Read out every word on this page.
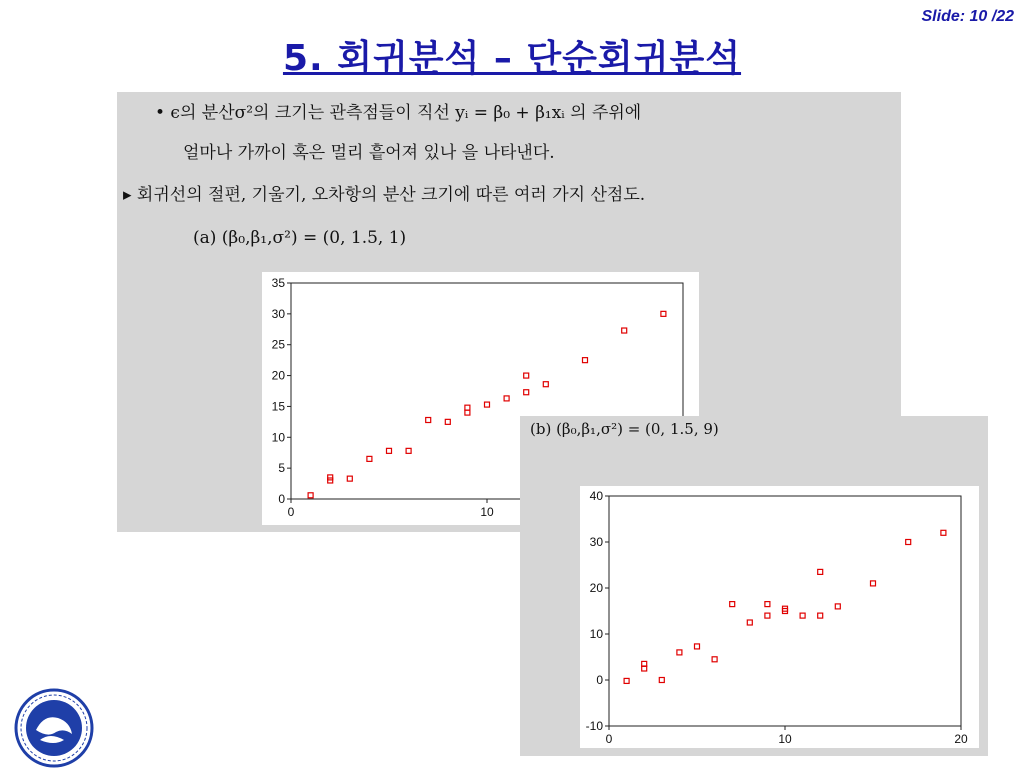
Slide: 10 /22
5. 회귀분석 – 단순회귀분석
• ϵ의 분산σ²의 크기는 관측점들이 직선 yᵢ = β₀ + β₁xᵢ 의 주위에
얼마나 가까이 혹은 멀리 흩어져 있나 을 나타낸다.
▸ 회귀선의 절편, 기울기, 오차항의 분산 크기에 따른 여러 가지 산점도.
(a) (β₀,β₁,σ²) = (0, 1.5, 1)
0
5
10
15
20
25
30
35
0	10
(b) (β₀,β₁,σ²) = (0, 1.5, 9)
-10
0
10
20
30
40
0	10	20
